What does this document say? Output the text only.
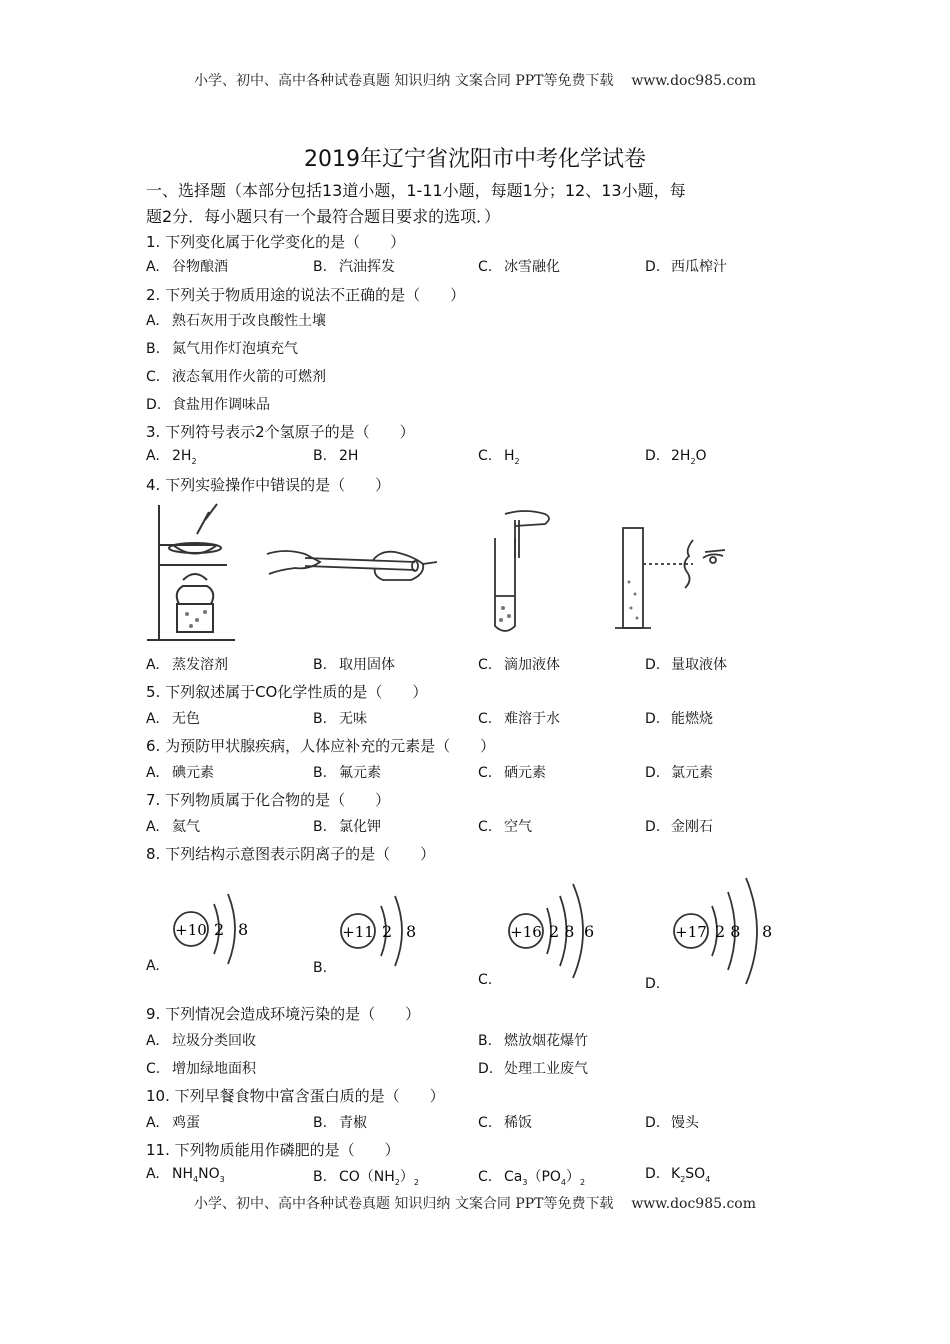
小学、初中、高中各种试卷真题 知识归纳 文案合同 PPT等免费下载 www.doc985.com
小学、初中、高中各种试卷真题 知识归纳 文案合同 PPT等免费下载 www.doc985.com
2019年辽宁省沈阳市中考化学试卷
一、选择题（本部分包括13道小题，1-11小题，每题1分；12、13小题，每
题2分．每小题只有一个最符合题目要求的选项．）
1. 下列变化属于化学变化的是（　　）
A. 谷物酿酒	B. 汽油挥发	C. 冰雪融化	D. 西瓜榨汁
2. 下列关于物质用途的说法不正确的是（　　）
A. 熟石灰用于改良酸性土壤
B. 氮气用作灯泡填充气
C. 液态氧用作火箭的可燃剂
D. 食盐用作调味品
3. 下列符号表示2个氢原子的是（　　）
A. $2H_2$	B. 2H	C. $H_2$	D. $2H_2O$
4. 下列实验操作中错误的是（　　）
A. 蒸发溶剂	B. 取用固体	C. 滴加液体	D. 量取液体
5. 下列叙述属于CO化学性质的是（　　）
A. 无色	B. 无味	C. 难溶于水	D. 能燃烧
6. 为预防甲状腺疾病，人体应补充的元素是（　　）
A. 碘元素	B. 氟元素	C. 硒元素	D. 氯元素
7. 下列物质属于化合物的是（　　）
A. 氦气	B. 氯化钾	C. 空气	D. 金刚石
8. 下列结构示意图表示阴离子的是（　　）
+10 2 8
A.
+11 2 8
B.
+16 2 8 6
C.
+17 2 8 8
D.
9. 下列情况会造成环境污染的是（　　）
A. 垃圾分类回收	B. 燃放烟花爆竹
C. 增加绿地面积	D. 处理工业废气
10. 下列早餐食物中富含蛋白质的是（　　）
A. 鸡蛋	B. 青椒	C. 稀饭	D. 馒头
11. 下列物质能用作磷肥的是（　　）
A. $NH_4NO_3$	B. $CO(NH_2)_2$	C. $Ca_3(PO_4)_2$
D. $K_2SO_4$
